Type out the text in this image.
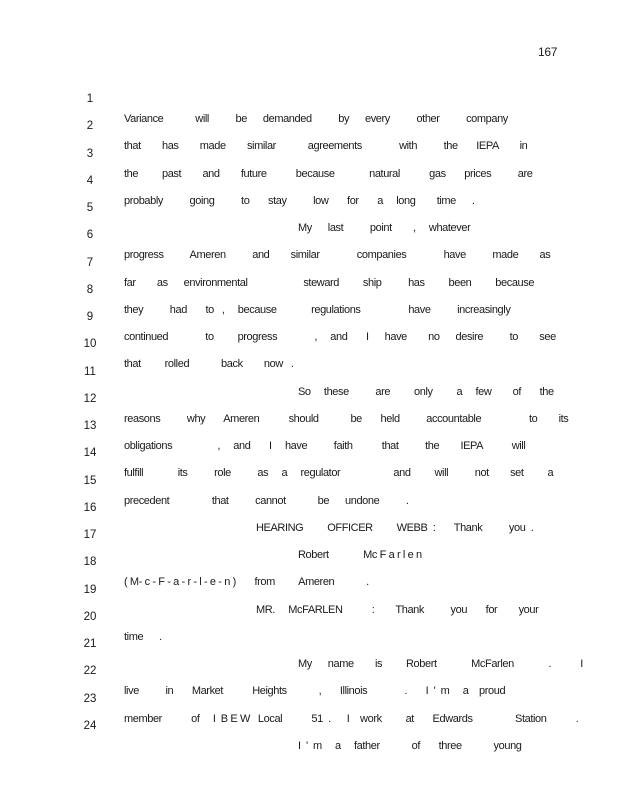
167

1

Variance            will          be      demanded          by      every          other          company

2

that        has        made        similar            agreements              with          the       IEPA        in

3

the         past        and        future           because             natural           gas       prices          are

4

probably          going          to       stay          low       for       a     long        time      .

5

My      last          point        ,     whatever

6

progress          Ameren          and        similar              companies              have          made        as

7

far        as      environmental                     steward         ship          has         been         because

8

they          had       to   ,     because             regulations                  have          increasingly

9

continued              to         progress              ,     and       I      have        no      desire          to        see

10

that         rolled            back        now   .

11

So     these          are         only         a     few        of       the

12

reasons          why       Ameren           should            be       held          accountable                  to        its

13

obligations                 ,     and       I     have          faith           that          the        IEPA           will

14

fulfill             its          role          as     a     regulator                    and         will          not        set         a

15

precedent                that          cannot            be      undone          .

16

HEARING         OFFICER         WEBB  :       Thank          you  .

17

Robert             Mc F a r l e n

18

( M- c - F - a - r - l - e - n )       from         Ameren            .

19

MR.     McFARLEN           :        Thank          you       for        your

20

time      .

21

My      name        is         Robert             McFarlen             .           I

22

live          in       Market           Heights            ,       Illinois              .       I  '  m     a    proud

23

member           of     I  B E W   Local           51  .      I    work         at       Edwards                Station           .

24

I  '  m     a     father            of       three            young
